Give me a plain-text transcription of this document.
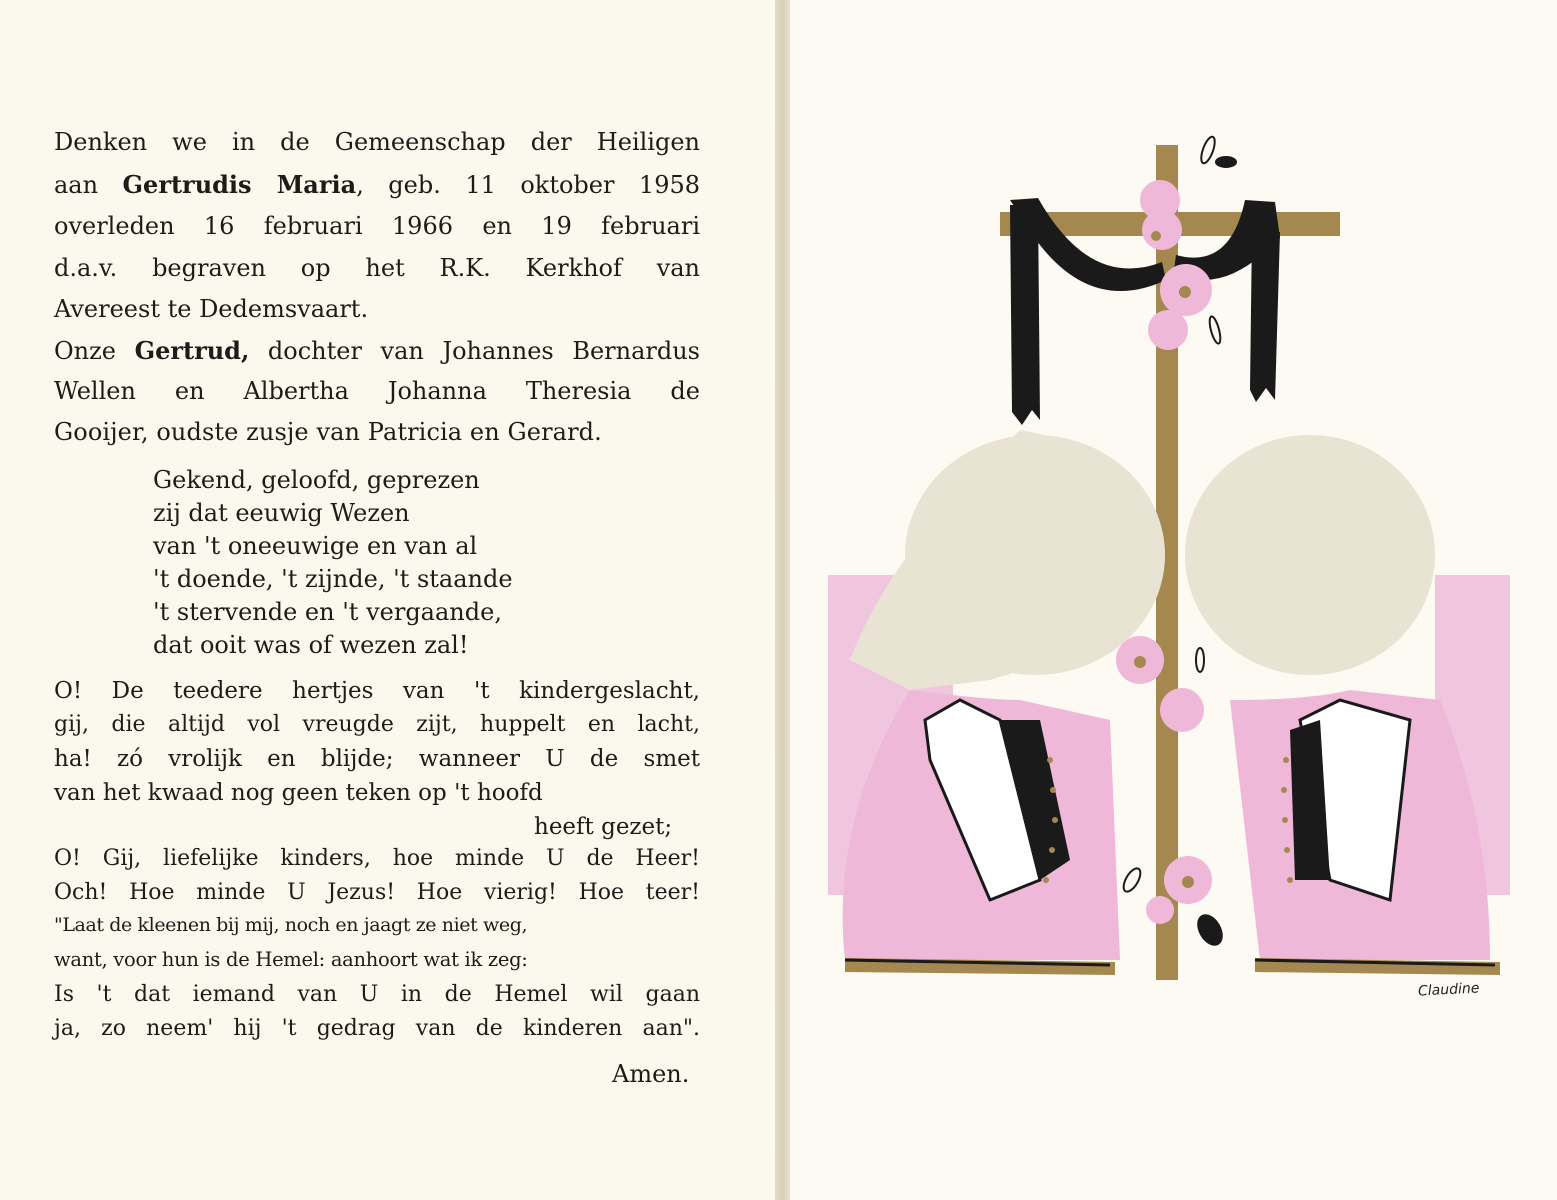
Denken we in de Gemeenschap der Heiligen
aan Gertrudis Maria, geb. 11 oktober 1958
overleden 16 februari 1966 en 19 februari
d.a.v. begraven op het R.K. Kerkhof van
Avereest te Dedemsvaart.
Onze Gertrud, dochter van Johannes Bernardus
Wellen en Albertha Johanna Theresia de
Gooijer, oudste zusje van Patricia en Gerard.
Gekend, geloofd, geprezen
zij dat eeuwig Wezen
van 't oneeuwige en van al
't doende, 't zijnde, 't staande
't stervende en 't vergaande,
dat ooit was of wezen zal!
O! De teedere hertjes van 't kindergeslacht,
gij, die altijd vol vreugde zijt, huppelt en lacht,
ha! zó vrolijk en blijde; wanneer U de smet
van het kwaad nog geen teken op 't hoofd
heeft gezet;
O! Gij, liefelijke kinders, hoe minde U de Heer!
Och! Hoe minde U Jezus! Hoe vierig! Hoe teer!
"Laat de kleenen bij mij, noch en jaagt ze niet weg,
want, voor hun is de Hemel: aanhoort wat ik zeg:
Is 't dat iemand van U in de Hemel wil gaan
ja, zo neem' hij 't gedrag van de kinderen aan".
Amen.
Claudine
